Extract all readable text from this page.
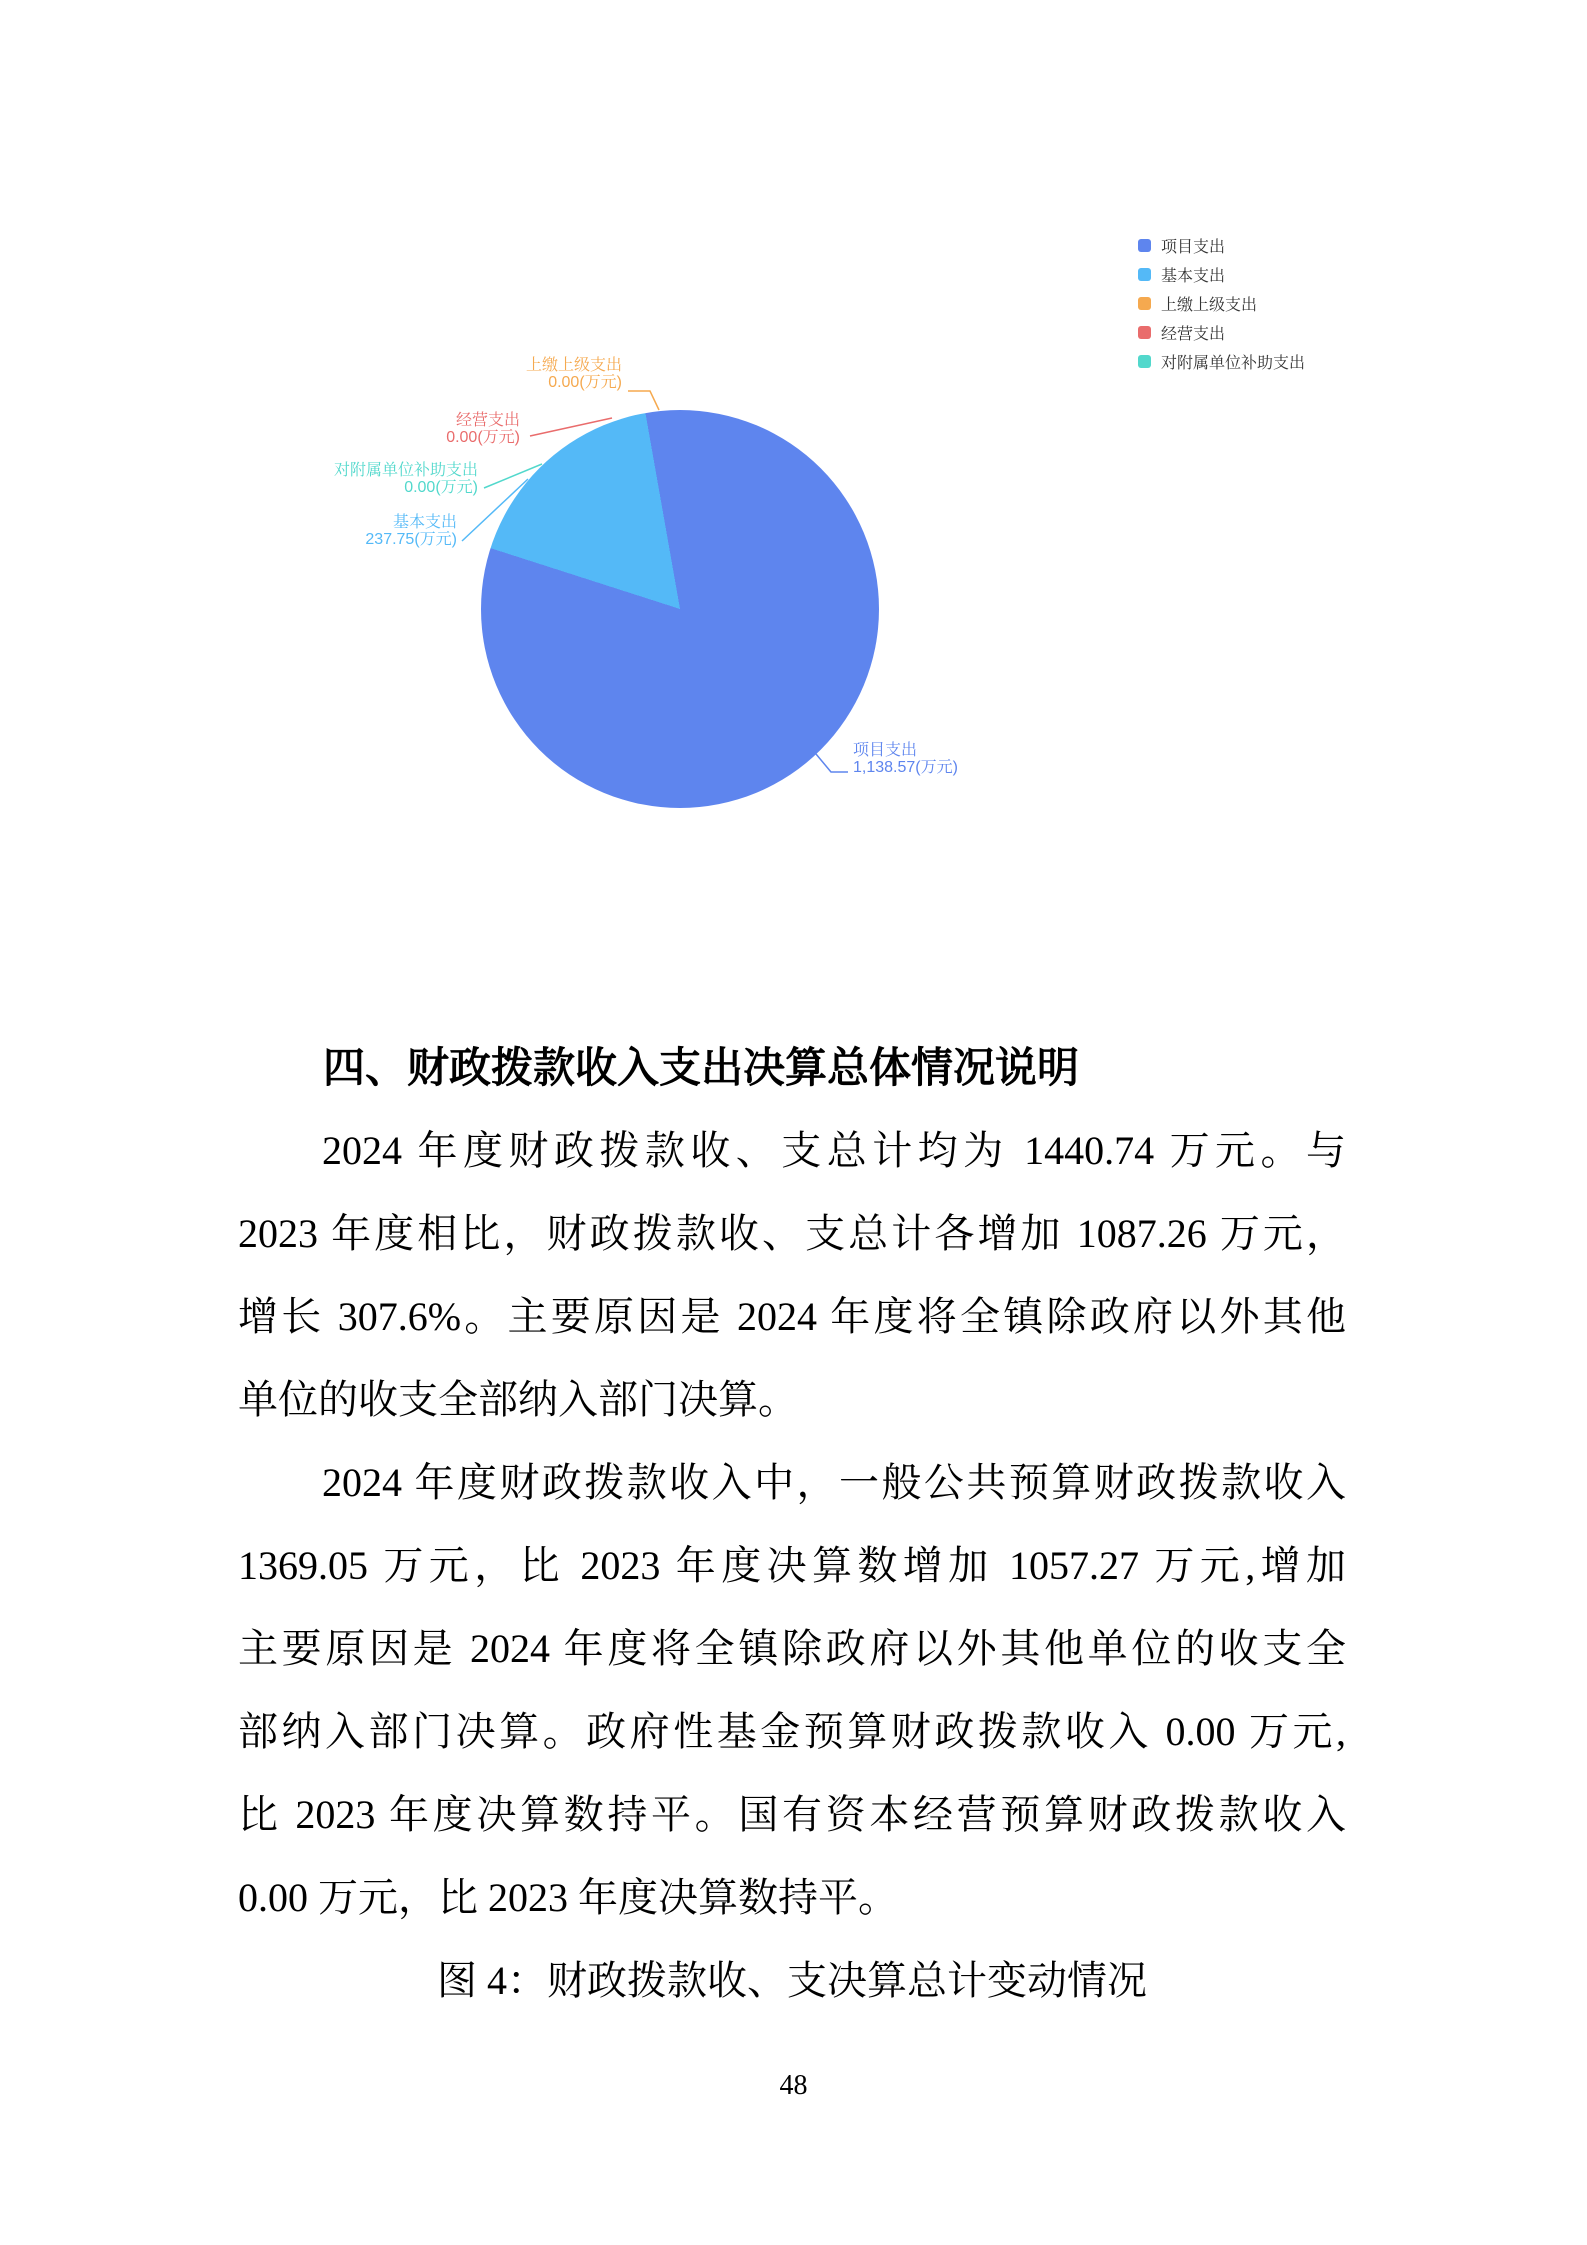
项目支出
基本支出
上缴上级支出
经营支出
对附属单位补助支出
上缴上级支出
0.00(万元)
经营支出
0.00(万元)
对附属单位补助支出
0.00(万元)
基本支出
237.75(万元)
项目支出
1,138.57(万元)
四、财政拨款收入支出决算总体情况说明
2024 年度财政拨款收、支总计均为 1440.74 万元。与
2023 年度相比，财政拨款收、支总计各增加 1087.26 万元，
增长 307.6%。主要原因是 2024 年度将全镇除政府以外其他
单位的收支全部纳入部门决算。
2024 年度财政拨款收入中，一般公共预算财政拨款收入
1369.05 万元，比 2023 年度决算数增加 1057.27 万元,增加
主要原因是 2024 年度将全镇除政府以外其他单位的收支全
部纳入部门决算。政府性基金预算财政拨款收入 0.00 万元,
比 2023 年度决算数持平。国有资本经营预算财政拨款收入
0.00 万元，比 2023 年度决算数持平。
图 4：财政拨款收、支决算总计变动情况
48
